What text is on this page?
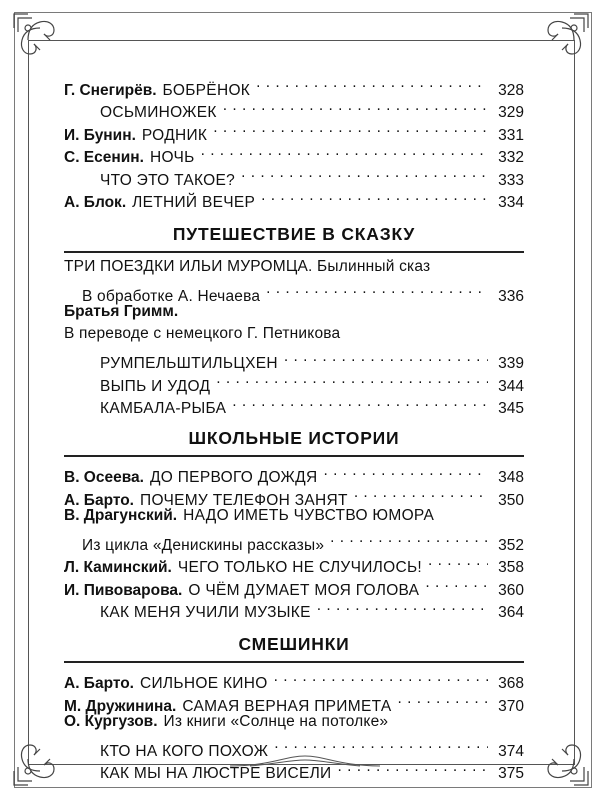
Г. Снегирёв. БОБРЁНОК . . .	328
ОСЬМИНОЖЕК . . .	329
И. Бунин. РОДНИК . . .	331
С. Есенин. НОЧЬ . . .	332
ЧТО ЭТО ТАКОЕ? . . .	333
А. Блок. ЛЕТНИЙ ВЕЧЕР . . .	334
ПУТЕШЕСТВИЕ В СКАЗКУ
ТРИ ПОЕЗДКИ ИЛЬИ МУРОМЦА. Былинный сказ
В обработке А. Нечаева . . .	336
Братья Гримм.
В переводе с немецкого Г. Петникова
РУМПЕЛЬШТИЛЬЦХЕН . . .	339
ВЫПЬ И УДОД . . .	344
КАМБАЛА-РЫБА . . .	345
ШКОЛЬНЫЕ ИСТОРИИ
В. Осеева. ДО ПЕРВОГО ДОЖДЯ . . .	348
А. Барто. ПОЧЕМУ ТЕЛЕФОН ЗАНЯТ . . .	350
В. Драгунский. НАДО ИМЕТЬ ЧУВСТВО ЮМОРА
Из цикла «Денискины рассказы» . . .	352
Л. Каминский. ЧЕГО ТОЛЬКО НЕ СЛУЧИЛОСЬ! . . .	358
И. Пивоварова. О ЧЁМ ДУМАЕТ МОЯ ГОЛОВА . . .	360
КАК МЕНЯ УЧИЛИ МУЗЫКЕ . . .	364
СМЕШИНКИ
А. Барто. СИЛЬНОЕ КИНО . . .	368
М. Дружинина. САМАЯ ВЕРНАЯ ПРИМЕТА . . .	370
О. Кургузов. Из книги «Солнце на потолке»
КТО НА КОГО ПОХОЖ . . .	374
КАК МЫ НА ЛЮСТРЕ ВИСЕЛИ . . .	375
